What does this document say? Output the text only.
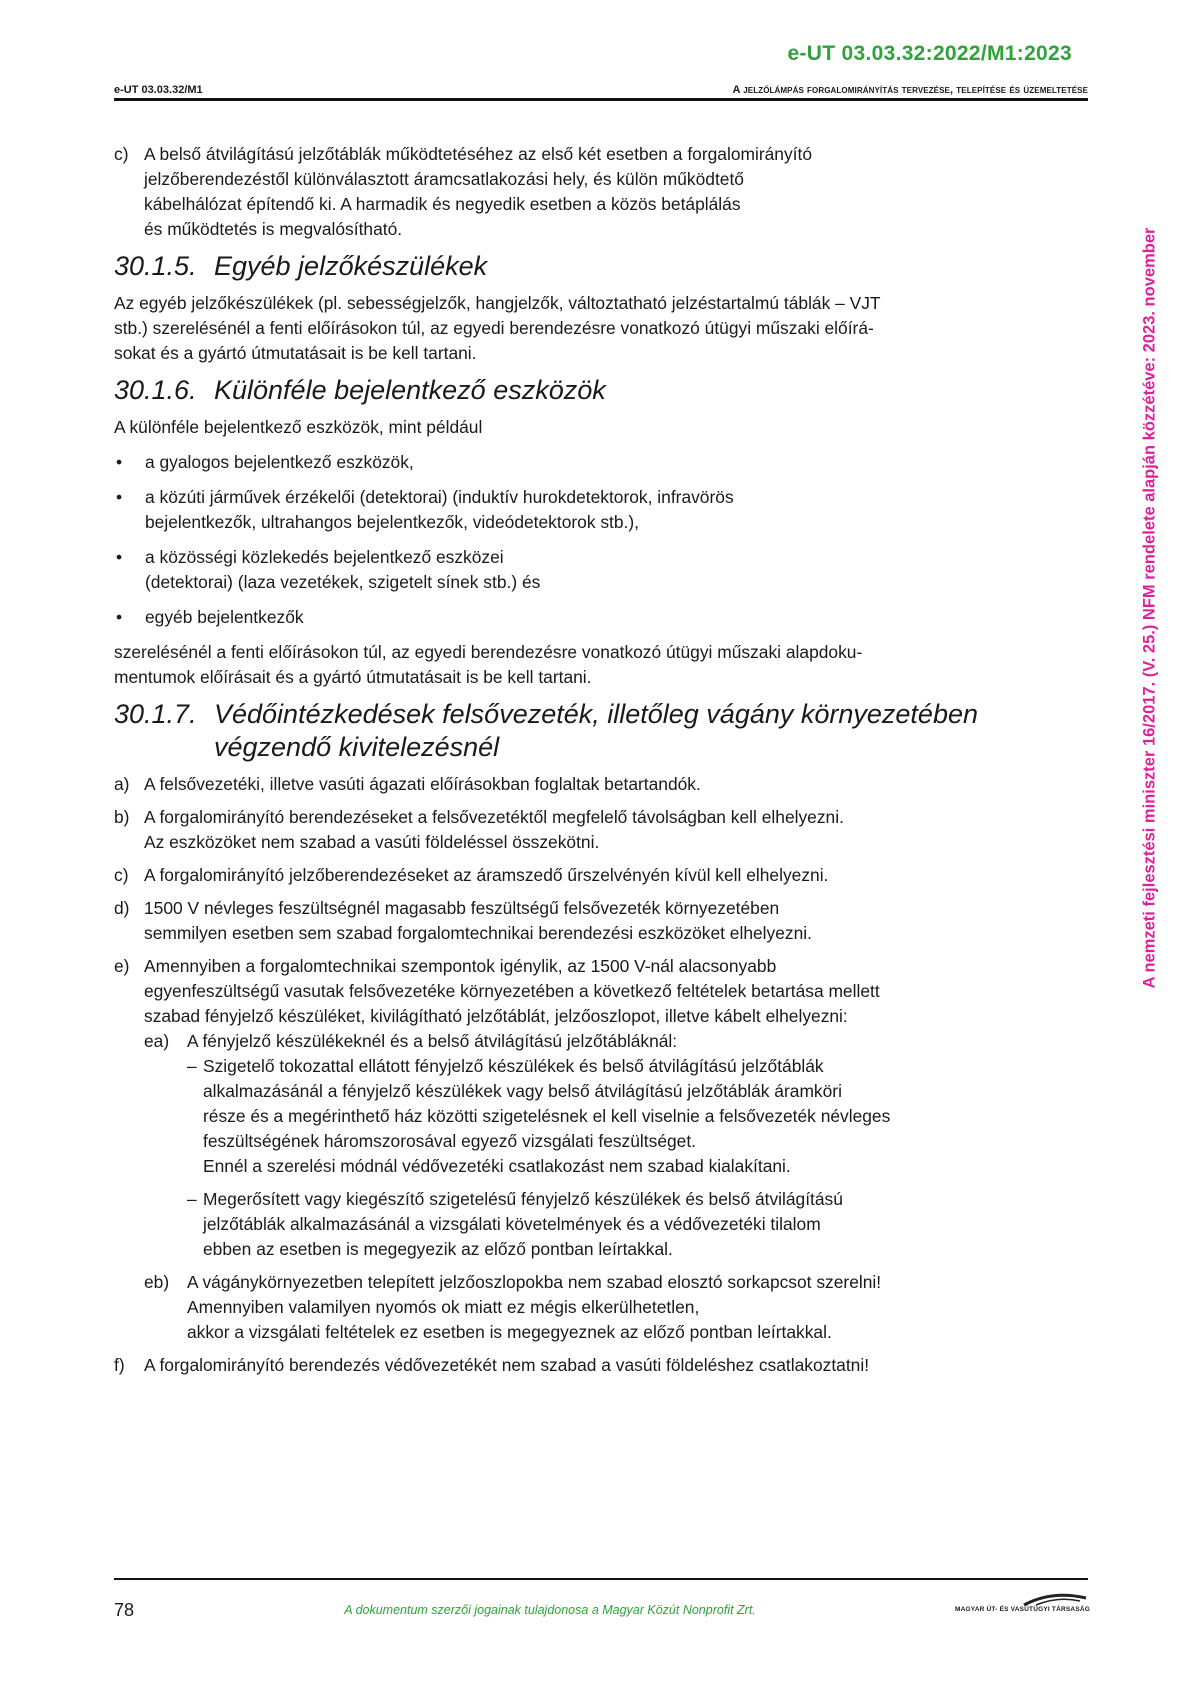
e-UT 03.03.32:2022/M1:2023
e-UT 03.03.32/M1	A jelzőlámpás forgalomirányítás tervezése, telepítése és üzemeltetése
A nemzeti fejlesztési miniszter 16/2017. (V. 25.) NFM rendelete alapján közzétéve: 2023. november
c) A belső átvilágítású jelzőtáblák működtetéséhez az első két esetben a forgalomirányító

jelzőberendezéstől különválasztott áramcsatlakozási hely, és külön működtető

kábelhálózat építendő ki. A harmadik és negyedik esetben a közös betáplálás

és működtetés is megvalósítható.

30.1.5. Egyéb jelzőkészülékek

Az egyéb jelzőkészülékek (pl. sebességjelzők, hangjelzők, változtatható jelzéstartalmú táblák – VJT

stb.) szerelésénél a fenti előírásokon túl, az egyedi berendezésre vonatkozó útügyi műszaki előírá-

sokat és a gyártó útmutatásait is be kell tartani.

30.1.6. Különféle bejelentkező eszközök

A különféle bejelentkező eszközök, mint például

•	a gyalogos bejelentkező eszközök,

•	a közúti járművek érzékelői (detektorai) (induktív hurokdetektorok, infravörös

bejelentkezők, ultrahangos bejelentkezők, videódetektorok stb.),

•	a közösségi közlekedés bejelentkező eszközei

(detektorai) (laza vezetékek, szigetelt sínek stb.) és

•	egyéb bejelentkezők

szerelésénél a fenti előírásokon túl, az egyedi berendezésre vonatkozó útügyi műszaki alapdoku-

mentumok előírásait és a gyártó útmutatásait is be kell tartani.

30.1.7. Védőintézkedések felsővezeték, illetőleg vágány környezetében
végzendő kivitelezésnél
a) A felsővezetéki, illetve vasúti ágazati előírásokban foglaltak betartandók.

b) A forgalomirányító berendezéseket a felsővezetéktől megfelelő távolságban kell elhelyezni.

Az eszközöket nem szabad a vasúti földeléssel összekötni.

c) A forgalomirányító jelzőberendezéseket az áramszedő űrszelvényén kívül kell elhelyezni.

d) 1500 V névleges feszültségnél magasabb feszültségű felsővezeték környezetében

semmilyen esetben sem szabad forgalomtechnikai berendezési eszközöket elhelyezni.

e) Amennyiben a forgalomtechnikai szempontok igénylik, az 1500 V-nál alacsonyabb

egyenfeszültségű vasutak felsővezetéke környezetében a következő feltételek betartása mellett

szabad fényjelző készüléket, kivilágítható jelzőtáblát, jelzőoszlopot, illetve kábelt elhelyezni:

ea)	A fényjelző készülékeknél és a belső átvilágítású jelzőtábláknál:

– Szigetelő tokozattal ellátott fényjelző készülékek és belső átvilágítású jelzőtáblák

alkalmazásánál a fényjelző készülékek vagy belső átvilágítású jelzőtáblák áramköri

része és a megérinthető ház közötti szigetelésnek el kell viselnie a felsővezeték névleges

feszültségének háromszorosával egyező vizsgálati feszültséget.

Ennél a szerelési módnál védővezetéki csatlakozást nem szabad kialakítani.

– Megerősített vagy kiegészítő szigetelésű fényjelző készülékek és belső átvilágítású

jelzőtáblák alkalmazásánál a vizsgálati követelmények és a védővezetéki tilalom

ebben az esetben is megegyezik az előző pontban leírtakkal.

eb)	A vágánykörnyezetben telepített jelzőoszlopokba nem szabad elosztó sorkapcsot szerelni!

Amennyiben valamilyen nyomós ok miatt ez mégis elkerülhetetlen,

akkor a vizsgálati feltételek ez esetben is megegyeznek az előző pontban leírtakkal.

f)	A forgalomirányító berendezés védővezetékét nem szabad a vasúti földeléshez csatlakoztatni!

78	A dokumentum szerzői jogainak tulajdonosa a Magyar Közút Nonprofit Zrt.	MAGYAR ÚT- ÉS VASÚTÜGYI TÁRSASÁG
